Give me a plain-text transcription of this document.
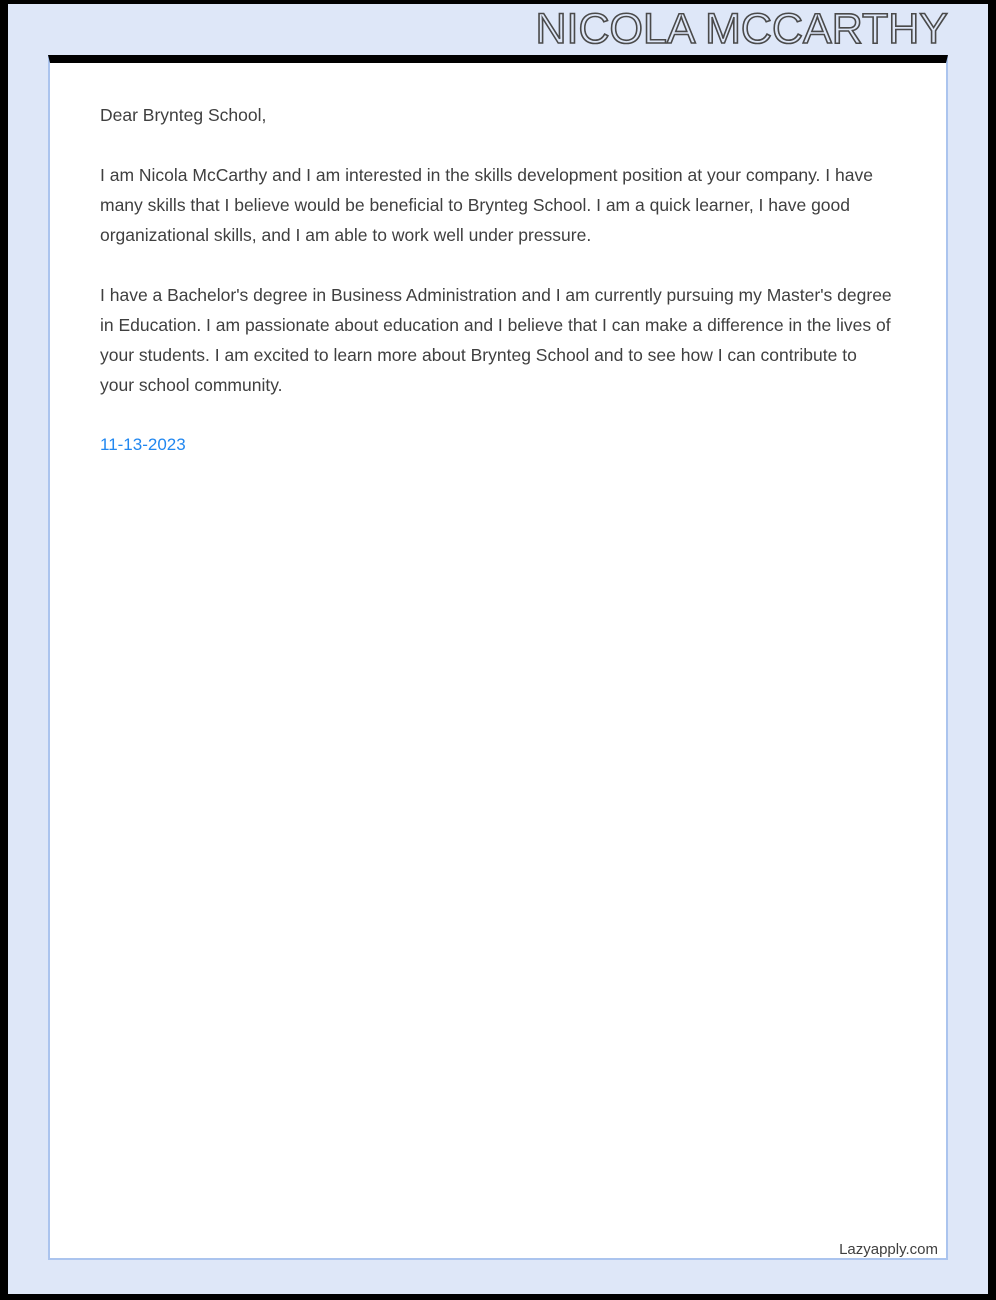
NICOLA MCCARTHY

Dear Brynteg School,

I am Nicola McCarthy and I am interested in the skills development position at your company. I have many skills that I believe would be beneficial to Brynteg School. I am a quick learner, I have good organizational skills, and I am able to work well under pressure.

I have a Bachelor's degree in Business Administration and I am currently pursuing my Master's degree in Education. I am passionate about education and I believe that I can make a difference in the lives of your students. I am excited to learn more about Brynteg School and to see how I can contribute to your school community.

11-13-2023
Lazyapply.com
